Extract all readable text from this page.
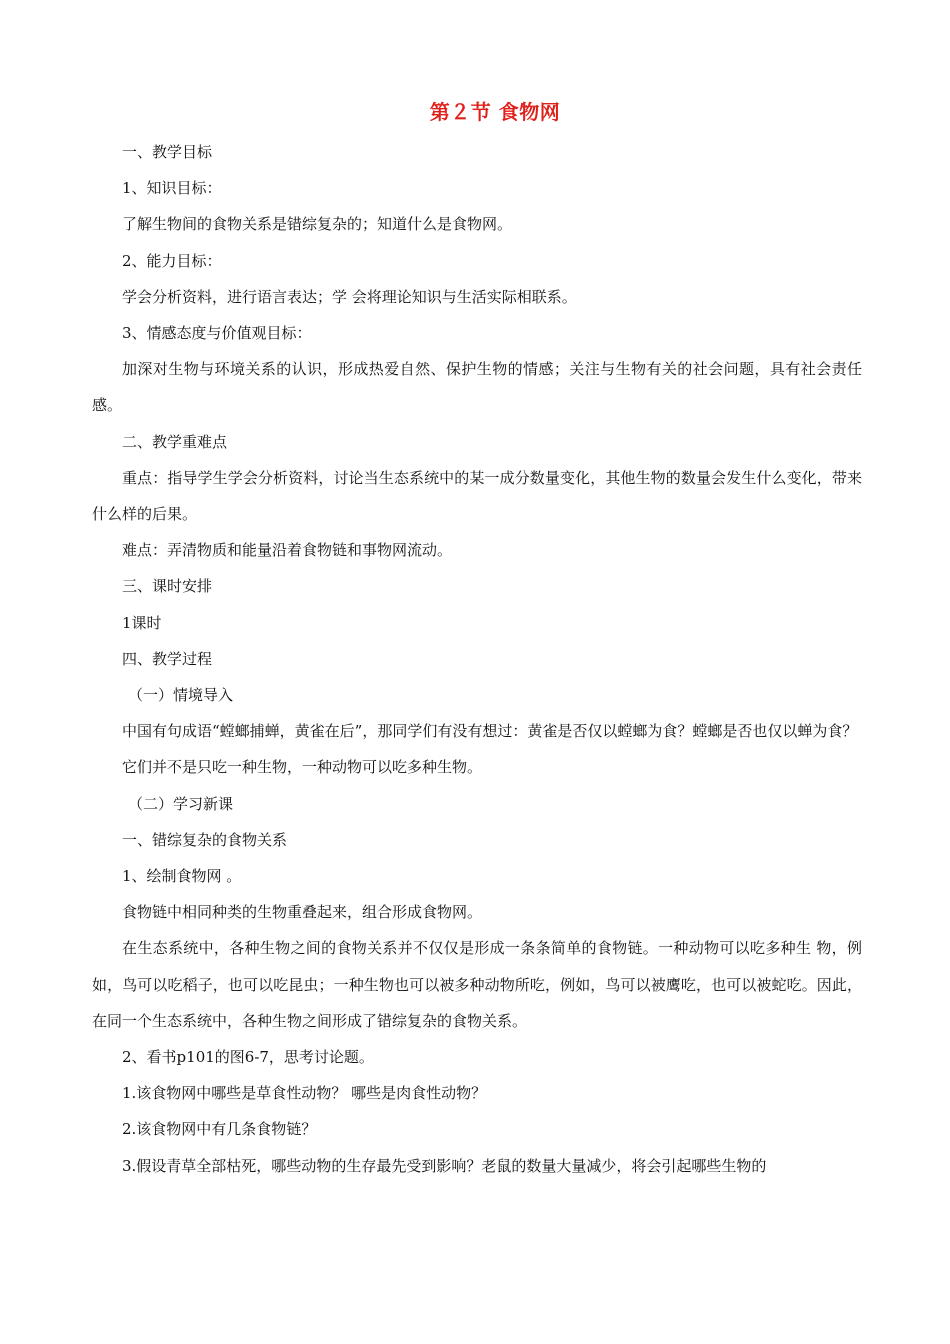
第２节 食物网

一、教学目标

1、知识目标：

了解生物间的食物关系是错综复杂的；知道什么是食物网。

2、能力目标：

学会分析资料，进行语言表达；学 会将理论知识与生活实际相联系。

3、情感态度与价值观目标：

加深对生物与环境关系的认识，形成热爱自然、保护生物的情感；关注与生物有关的社会问题，具有社会责任感。

二、教学重难点

重点：指导学生学会分析资料，讨论当生态系统中的某一成分数量变化，其他生物的数量会发生什么变化，带来什么样的后果。

难点：弄清物质和能量沿着食物链和事物网流动。

三、课时安排

1课时

四、教学过程

（一）情境导入

中国有句成语“螳螂捕蝉，黄雀在后”，那同学们有没有想过：黄雀是否仅以螳螂为食？螳螂是否也仅以蝉为食？

它们并不是只吃一种生物，一种动物可以吃多种生物。

（二）学习新课

一、错综复杂的食物关系

1、绘制食物网 。

食物链中相同种类的生物重叠起来，组合形成食物网。

在生态系统中，各种生物之间的食物关系并不仅仅是形成一条条简单的食物链。一种动物可以吃多种生 物，例如，鸟可以吃稻子，也可以吃昆虫；一种生物也可以被多种动物所吃，例如，鸟可以被鹰吃，也可以被蛇吃。因此，在同一个生态系统中，各种生物之间形成了错综复杂的食物关系。

2、看书p101的图6-7，思考讨论题。

1.该食物网中哪些是草食性动物？ 哪些是肉食性动物？

2.该食物网中有几条食物链？

3.假设青草全部枯死，哪些动物的生存最先受到影响？老鼠的数量大量减少，将会引起哪些生物的
